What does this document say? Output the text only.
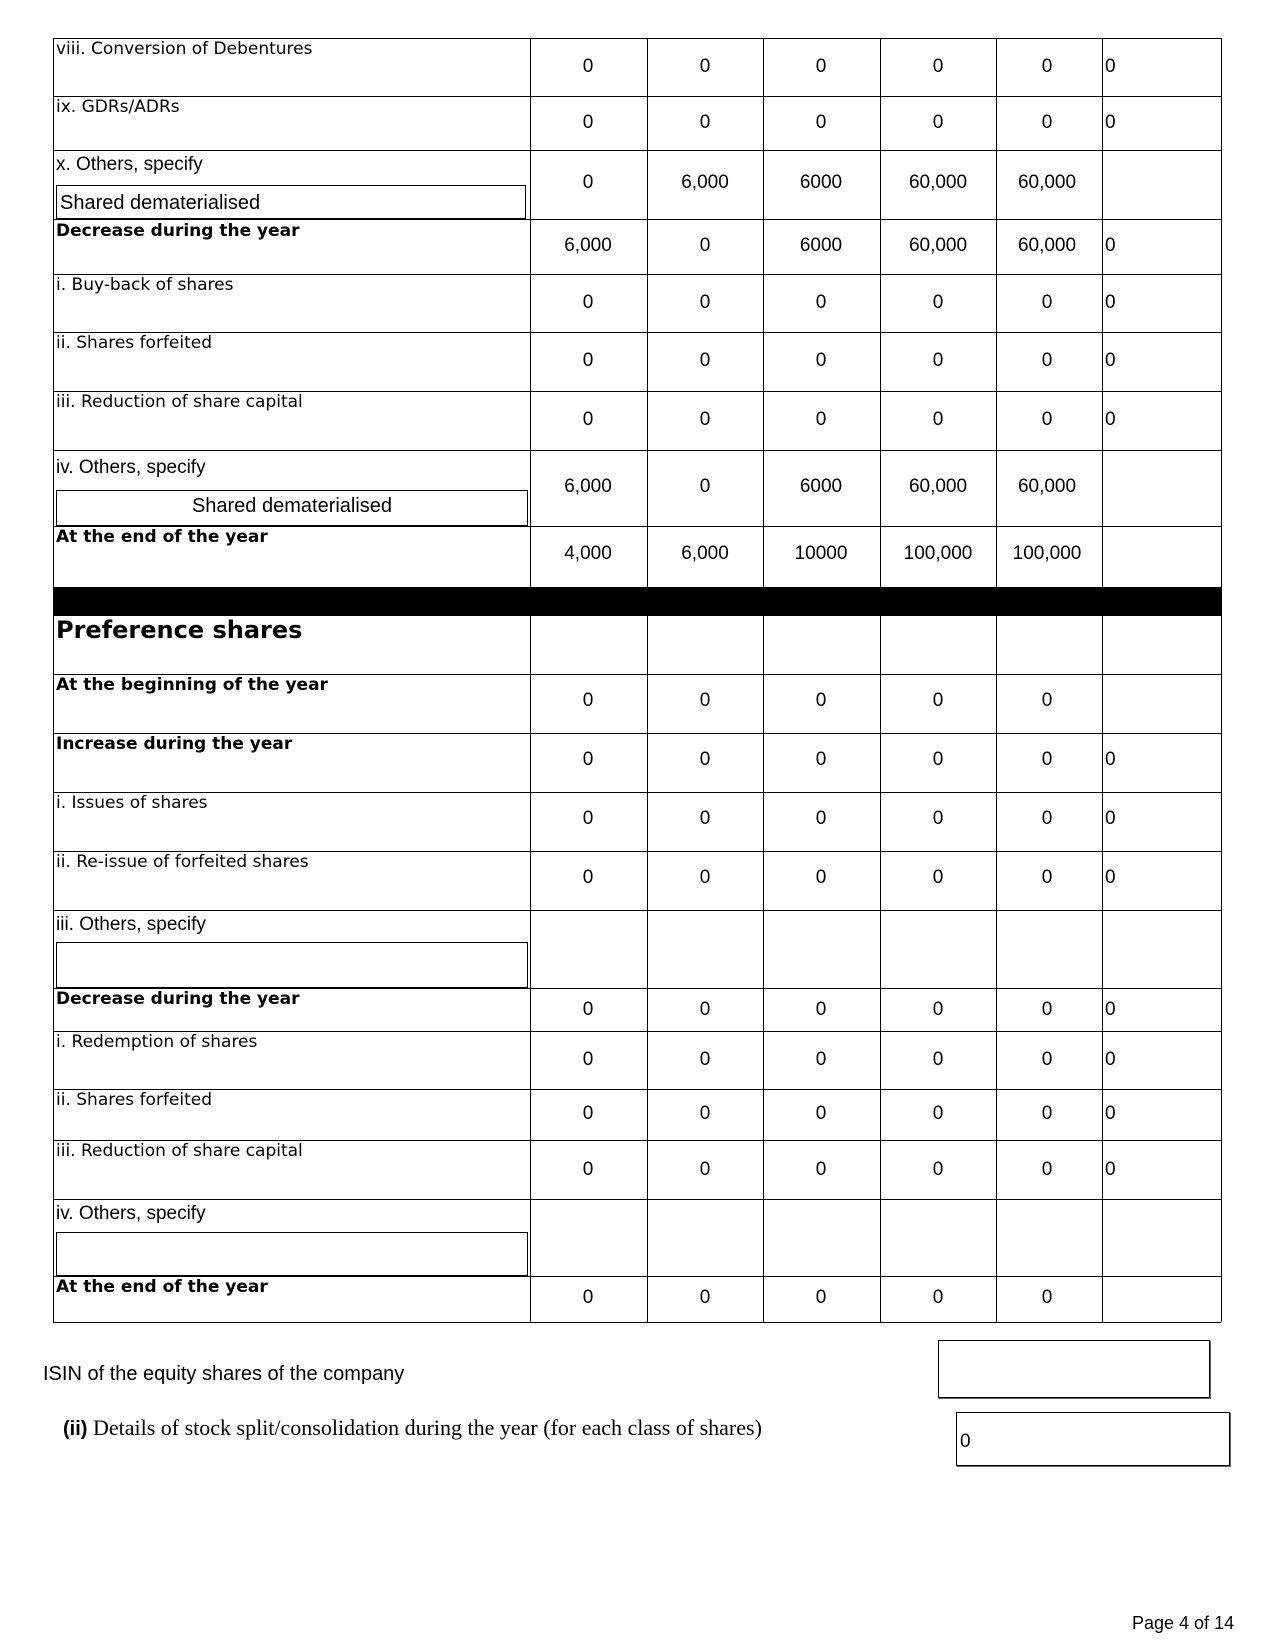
viii. Conversion of Debentures
0	0	0	0	0	0
ix. GDRs/ADRs
0	0	0	0	0	0
x. Others, specify
Shared dematerialised
0	6,000	6000	60,000	60,000
Decrease during the year
6,000	0	6000	60,000	60,000	0
i. Buy-back of shares
0	0	0	0	0	0
ii. Shares forfeited
0	0	0	0	0	0
iii. Reduction of share capital
0	0	0	0	0	0
iv. Others, specify
Shared dematerialised
6,000	0	6000	60,000	60,000
At the end of the year
4,000	6,000	10000	100,000	100,000
Preference shares
At the beginning of the year
0	0	0	0	0
Increase during the year
0	0	0	0	0	0
i. Issues of shares
0	0	0	0	0	0
ii. Re-issue of forfeited shares
0	0	0	0	0	0
iii. Others, specify
Decrease during the year	0	0	0	0	0	0
i. Redemption of shares
0	0	0	0	0	0
ii. Shares forfeited
0	0	0	0	0	0
iii. Reduction of share capital
0	0	0	0	0	0
iv. Others, specify
At the end of the year	0	0	0	0	0
ISIN of the equity shares of the company
(ii) Details of stock split/consolidation during the year (for each class of shares)
0
Page 4 of 14
